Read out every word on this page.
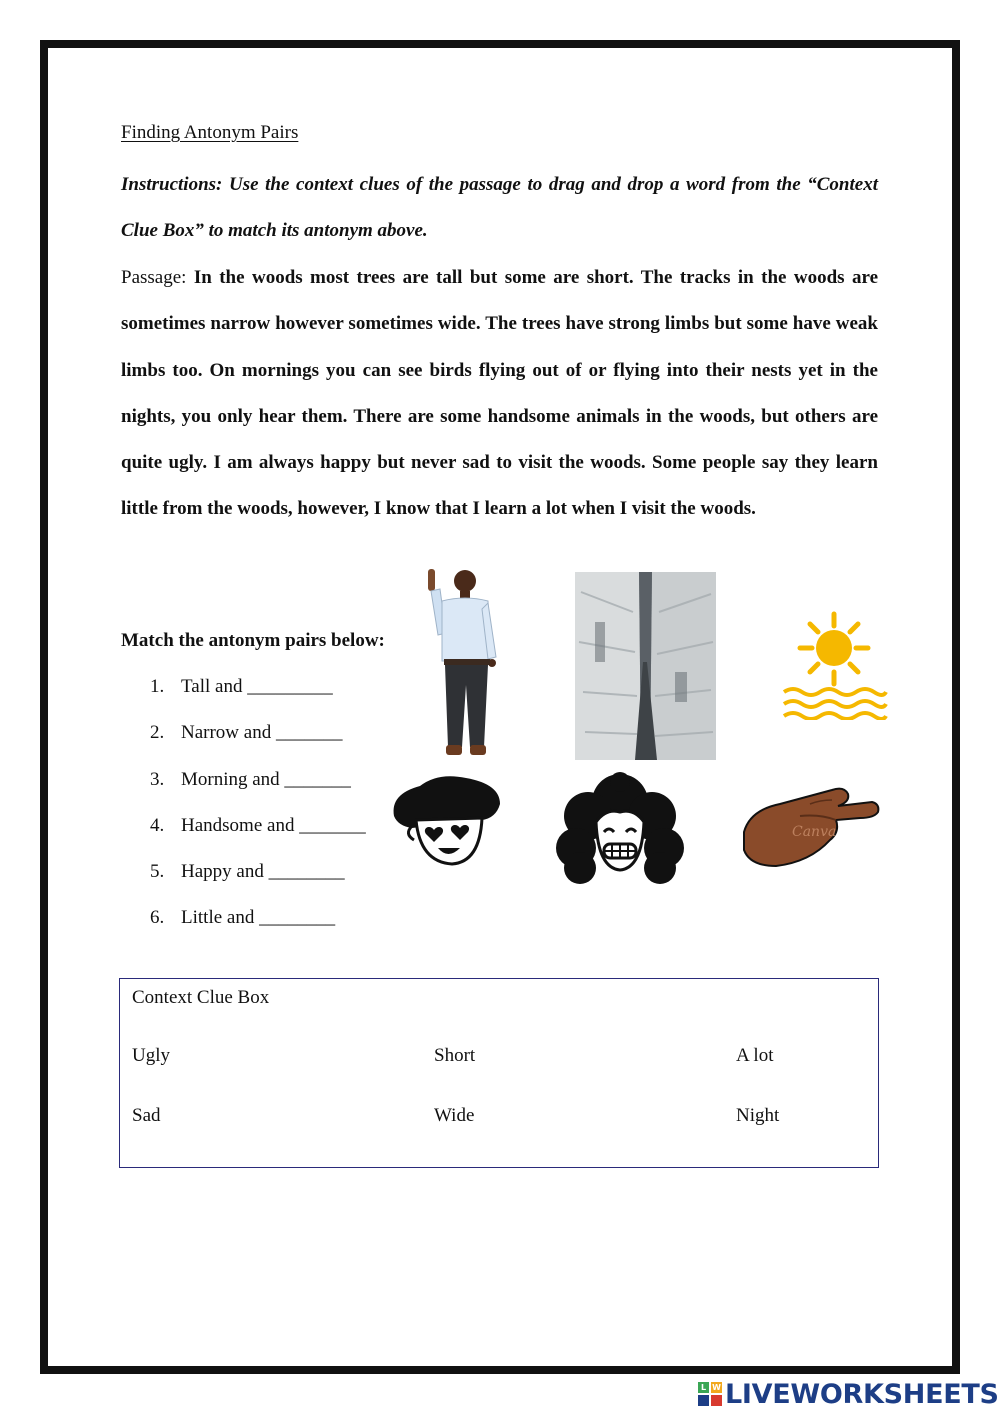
Finding Antonym Pairs
Instructions: Use the context clues of the passage to drag and drop a word from the “Context Clue Box” to match its antonym above.
Passage: In the woods most trees are tall but some are short. The tracks in the woods are sometimes narrow however sometimes wide. The trees have strong limbs but some have weak limbs too. On mornings you can see birds flying out of or flying into their nests yet in the nights, you only hear them. There are some handsome animals in the woods, but others are quite ugly. I am always happy but never sad to visit the woods. Some people say they learn little from the woods, however, I know that I learn a lot when I visit the woods.
Match the antonym pairs below:
1. Tall and _________
2. Narrow and _______
3. Morning and _______
4. Handsome and _______
5. Happy and ________
6. Little and ________
Canva
Context Clue Box
Ugly	Short	A lot
Sad	Wide	Night
L W LIVEWORKSHEETS
